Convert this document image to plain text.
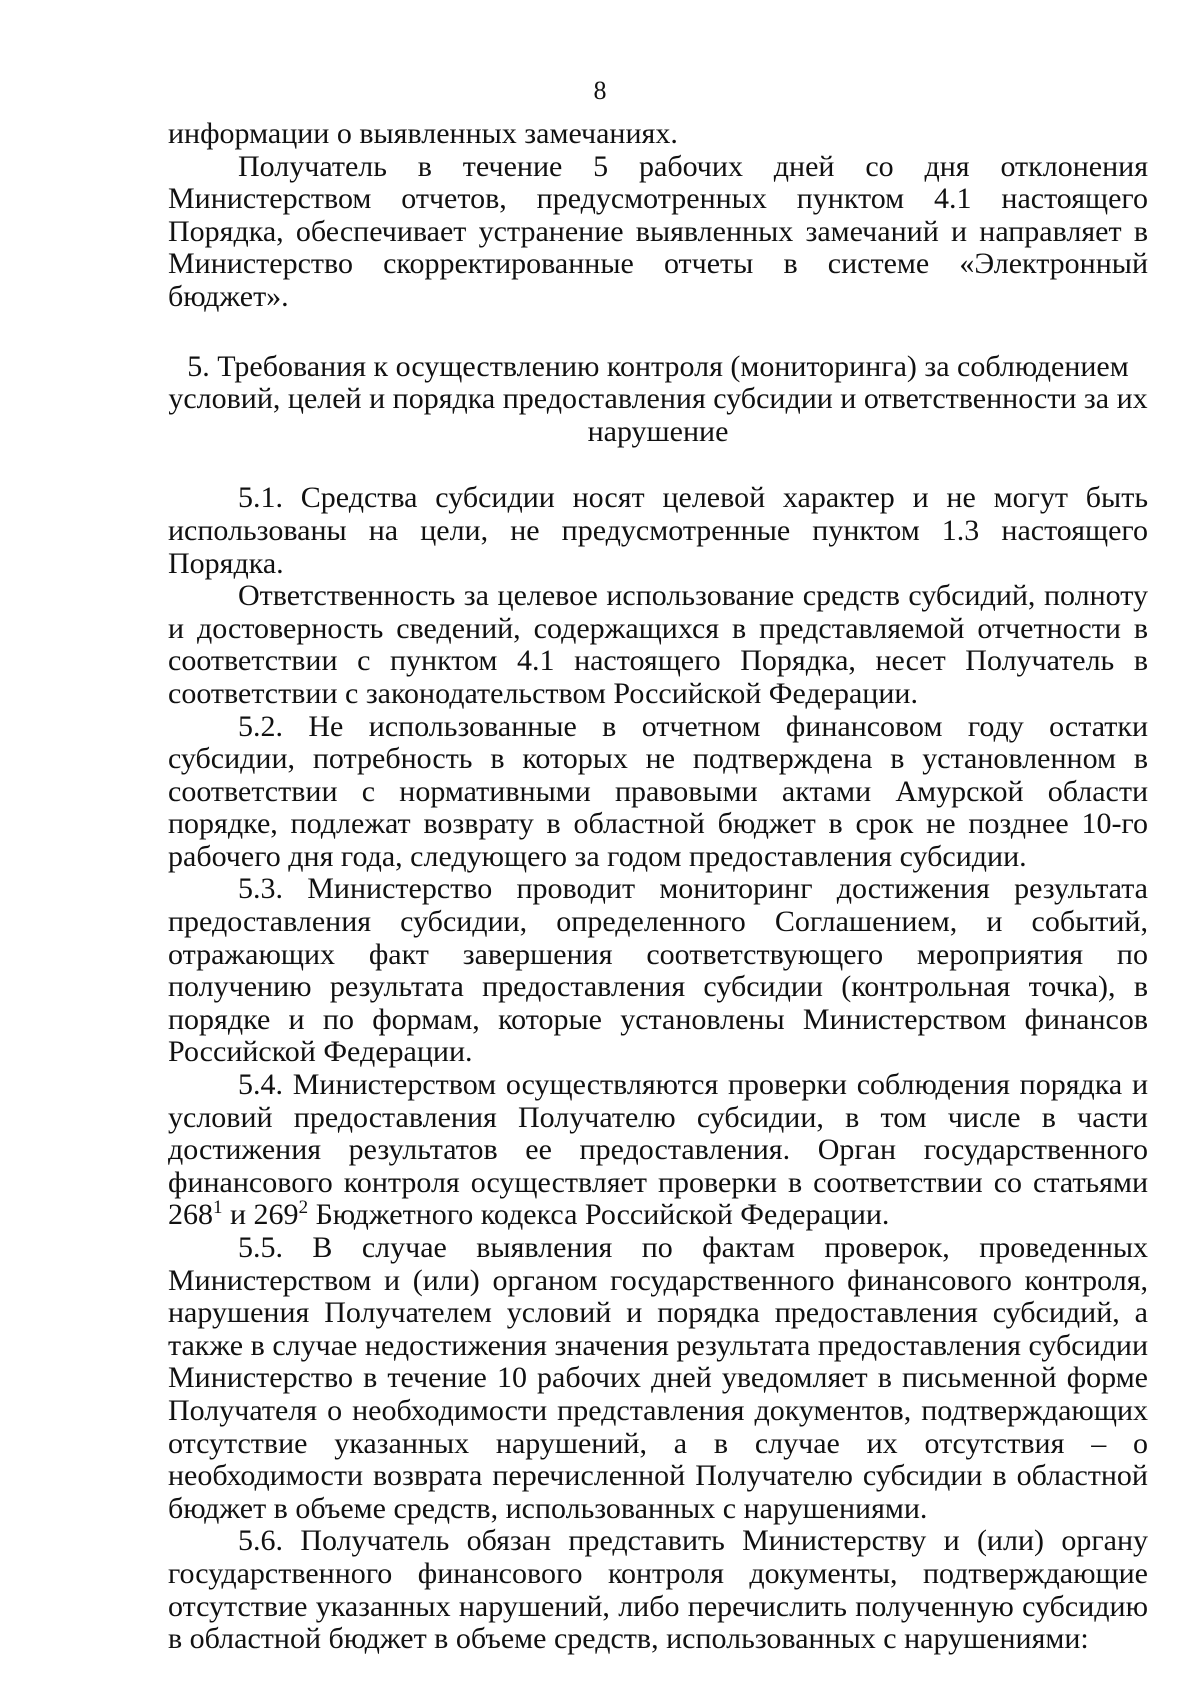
8

информации о выявленных замечаниях.

Получатель в течение 5 рабочих дней со дня отклонения Министерством отчетов, предусмотренных пунктом 4.1 настоящего Порядка, обеспечивает устранение выявленных замечаний и направляет в Министерство скорректированные отчеты в системе «Электронный бюджет».

5. Требования к осуществлению контроля (мониторинга) за соблюдением условий, целей и порядка предоставления субсидии и ответственности за их нарушение

5.1. Средства субсидии носят целевой характер и не могут быть использованы на цели, не предусмотренные пунктом 1.3 настоящего Порядка.

Ответственность за целевое использование средств субсидий, полноту и достоверность сведений, содержащихся в представляемой отчетности в соответствии с пунктом 4.1 настоящего Порядка, несет Получатель в соответствии с законодательством Российской Федерации.

5.2. Не использованные в отчетном финансовом году остатки субсидии, потребность в которых не подтверждена в установленном в соответствии с нормативными правовыми актами Амурской области порядке, подлежат возврату в областной бюджет в срок не позднее 10-го рабочего дня года, следующего за годом предоставления субсидии.

5.3. Министерство проводит мониторинг достижения результата предоставления субсидии, определенного Соглашением, и событий, отражающих факт завершения соответствующего мероприятия по получению результата предоставления субсидии (контрольная точка), в порядке и по формам, которые установлены Министерством финансов Российской Федерации.

5.4. Министерством осуществляются проверки соблюдения порядка и условий предоставления Получателю субсидии, в том числе в части достижения результатов ее предоставления. Орган государственного финансового контроля осуществляет проверки в соответствии со статьями $268^1$ и $269^2$ Бюджетного кодекса Российской Федерации.

5.5. В случае выявления по фактам проверок, проведенных Министерством и (или) органом государственного финансового контроля, нарушения Получателем условий и порядка предоставления субсидий, а также в случае недостижения значения результата предоставления субсидии Министерство в течение 10 рабочих дней уведомляет в письменной форме Получателя о необходимости представления документов, подтверждающих отсутствие указанных нарушений, а в случае их отсутствия – о необходимости возврата перечисленной Получателю субсидии в областной бюджет в объеме средств, использованных с нарушениями.

5.6. Получатель обязан представить Министерству и (или) органу государственного финансового контроля документы, подтверждающие отсутствие указанных нарушений, либо перечислить полученную субсидию в областной бюджет в объеме средств, использованных с нарушениями:
